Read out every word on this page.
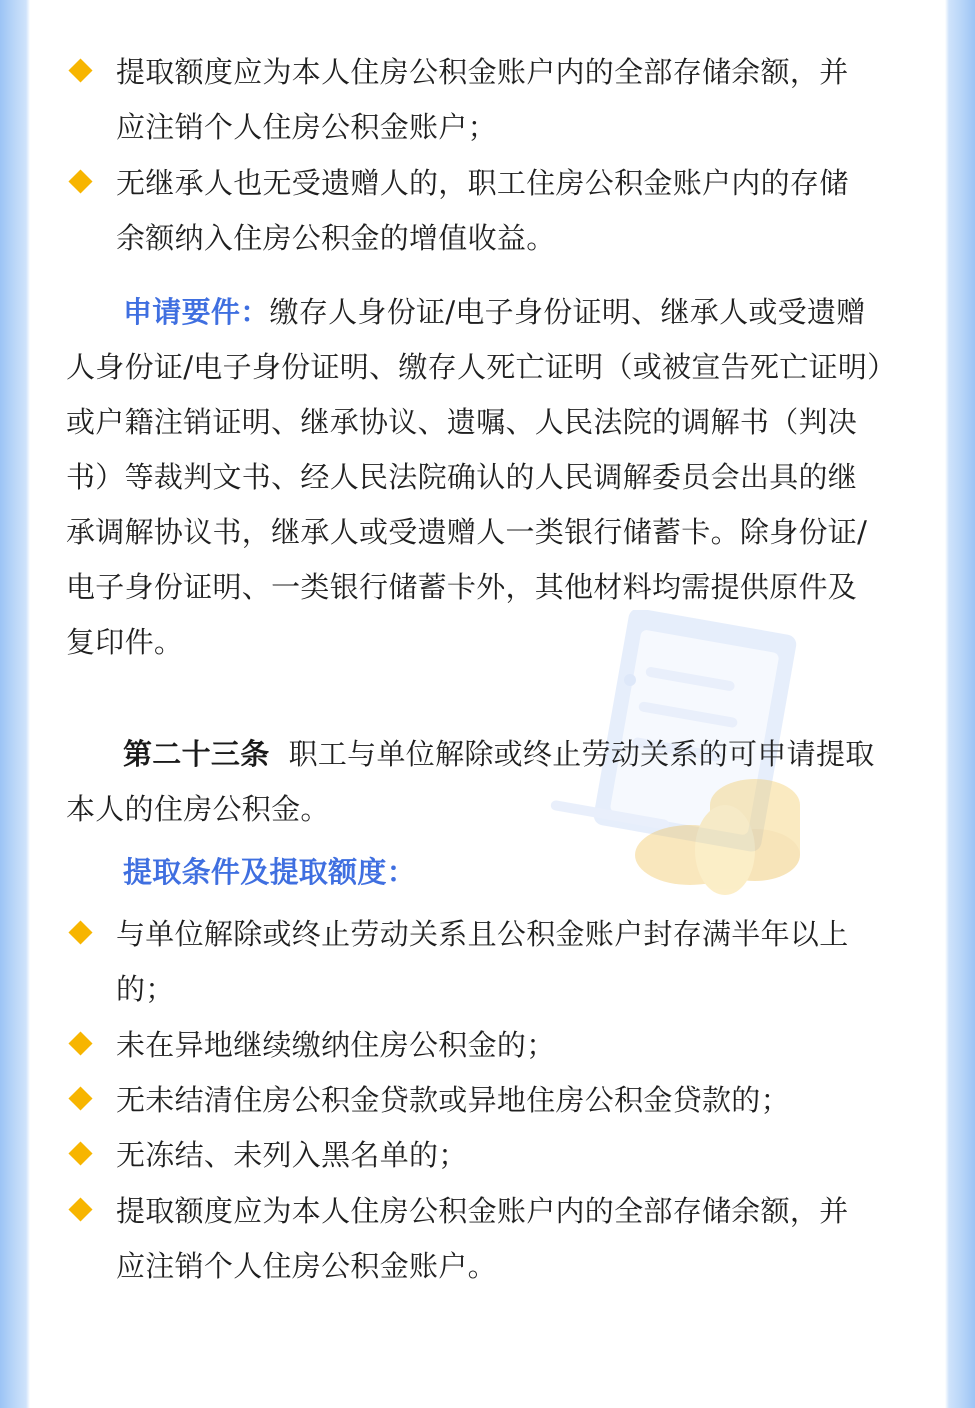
提取额度应为本人住房公积金账户内的全部存储余额，并

应注销个人住房公积金账户；

无继承人也无受遗赠人的，职工住房公积金账户内的存储

余额纳入住房公积金的增值收益。

申请要件：缴存人身份证/电子身份证明、继承人或受遗赠

人身份证/电子身份证明、缴存人死亡证明（或被宣告死亡证明）

或户籍注销证明、继承协议、遗嘱、人民法院的调解书（判决

书）等裁判文书、经人民法院确认的人民调解委员会出具的继

承调解协议书，继承人或受遗赠人一类银行储蓄卡。除身份证/

电子身份证明、一类银行储蓄卡外，其他材料均需提供原件及

复印件。

第二十三条 职工与单位解除或终止劳动关系的可申请提取

本人的住房公积金。

提取条件及提取额度：

与单位解除或终止劳动关系且公积金账户封存满半年以上

的；

未在异地继续缴纳住房公积金的；

无未结清住房公积金贷款或异地住房公积金贷款的；

无冻结、未列入黑名单的；

提取额度应为本人住房公积金账户内的全部存储余额，并

应注销个人住房公积金账户。
